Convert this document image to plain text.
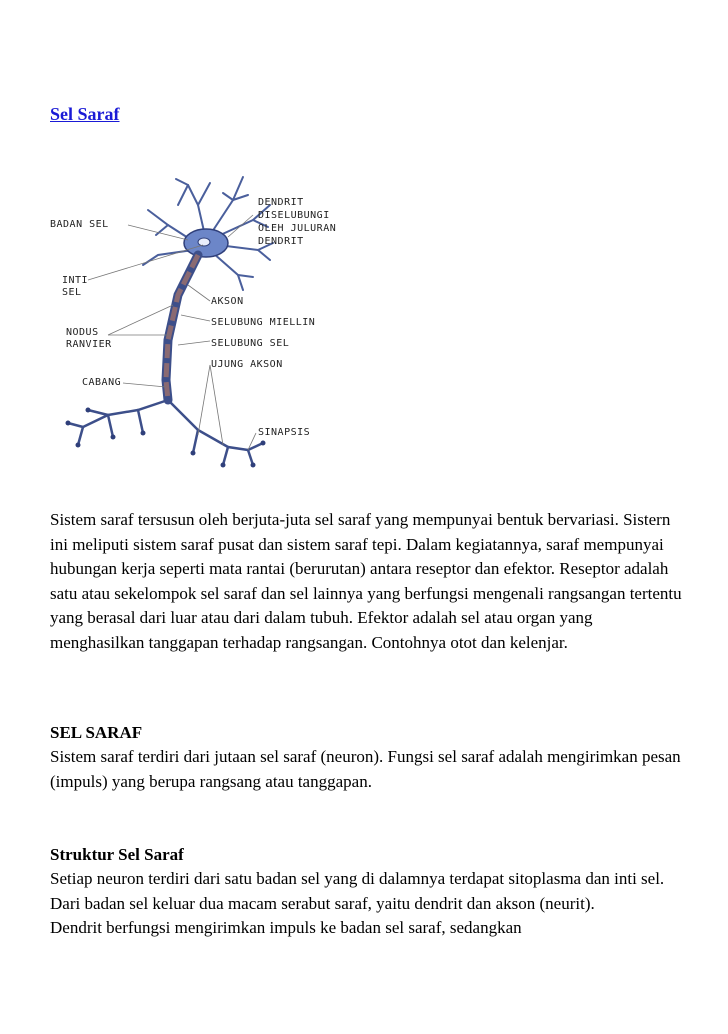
Sel Saraf
BADAN SEL
INTI
SEL
NODUS
RANVIER
CABANG
DENDRIT
DISELUBUNGI
OLEH JULURAN
DENDRIT
AKSON
SELUBUNG MIELLIN
SELUBUNG SEL
UJUNG AKSON
SINAPSIS

Sistem saraf tersusun oleh berjuta-juta sel saraf yang mempunyai bentuk bervariasi. Sistern ini meliputi sistem saraf pusat dan sistem saraf tepi. Dalam kegiatannya, saraf mempunyai hubungan kerja seperti mata rantai (berurutan) antara reseptor dan efektor. Reseptor adalah satu atau sekelompok sel saraf dan sel lainnya yang berfungsi mengenali rangsangan tertentu yang berasal dari luar atau dari dalam tubuh. Efektor adalah sel atau organ yang menghasilkan tanggapan terhadap rangsangan. Contohnya otot dan kelenjar.

SEL SARAF

Sistem saraf terdiri dari jutaan sel saraf (neuron). Fungsi sel saraf adalah mengirimkan pesan (impuls) yang berupa rangsang atau tanggapan.

Struktur Sel Saraf

Setiap neuron terdiri dari satu badan sel yang di dalamnya terdapat sitoplasma dan inti sel. Dari badan sel keluar dua macam serabut saraf, yaitu dendrit dan akson (neurit).
Dendrit berfungsi mengirimkan impuls ke badan sel saraf, sedangkan
